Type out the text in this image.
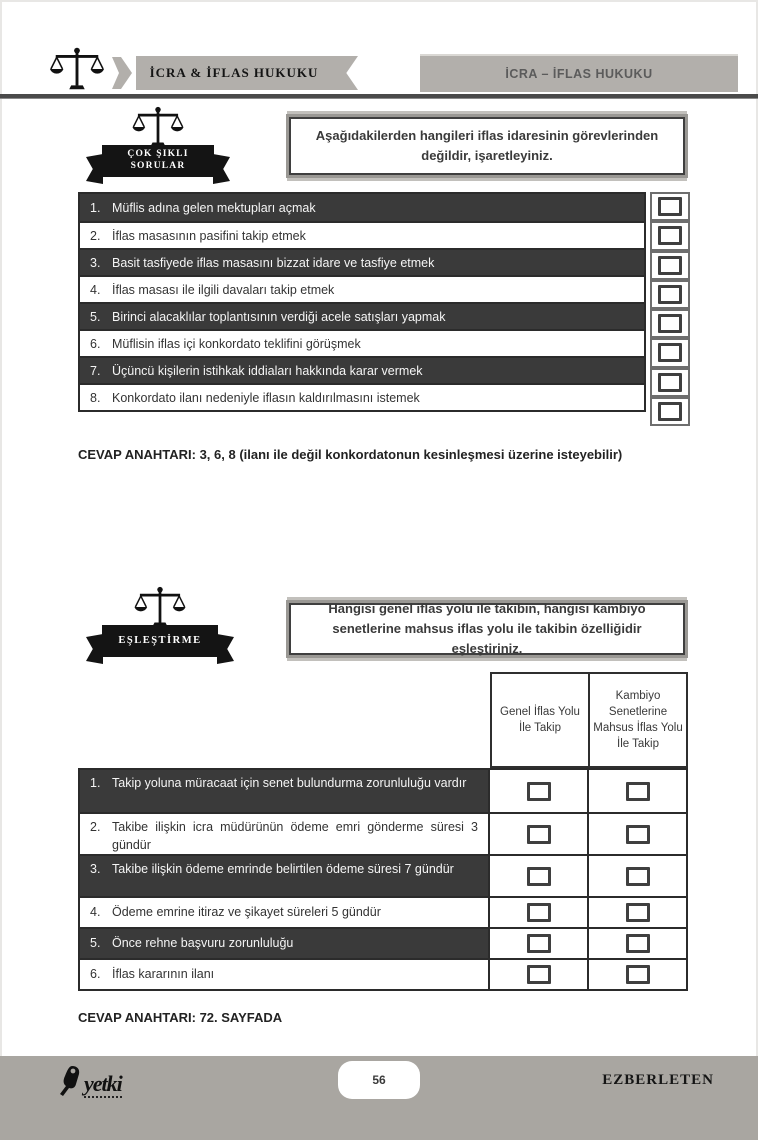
İCRA & İFLAS HUKUKU	İCRA – İFLAS HUKUKU
ÇOK ŞIKLI
SORULAR
Aşağıdakilerden hangileri iflas idaresinin görevlerinden değildir, işaretleyiniz.
1. Müflis adına gelen mektupları açmak
2. İflas masasının pasifini takip etmek
3. Basit tasfiyede iflas masasını bizzat idare ve tasfiye etmek
4. İflas masası ile ilgili davaları takip etmek
5. Birinci alacaklılar toplantısının verdiği acele satışları yapmak
6. Müflisin iflas içi konkordato teklifini görüşmek
7. Üçüncü kişilerin istihkak iddiaları hakkında karar vermek
8. Konkordato ilanı nedeniyle iflasın kaldırılmasını istemek
CEVAP ANAHTARI: 3, 6, 8 (ilanı ile değil konkordatonun kesinleşmesi üzerine isteyebilir)
EŞLEŞTİRME
Hangisi genel iflas yolu ile takibin, hangisi kambiyo senetlerine mahsus iflas yolu ile takibin özelliğidir eşleştiriniz.
Genel İflas Yolu İle Takip
Kambiyo Senetlerine Mahsus İflas Yolu İle Takip
1. Takip yoluna müracaat için senet bulundurma zorunluluğu vardır
2. Takibe ilişkin icra müdürünün ödeme emri gönderme süresi 3 gündür
3. Takibe ilişkin ödeme emrinde belirtilen ödeme süresi 7 gündür
4. Ödeme emrine itiraz ve şikayet süreleri 5 gündür
5. Önce rehne başvuru zorunluluğu
6. İflas kararının ilanı
CEVAP ANAHTARI: 72. SAYFADA
yetki	56	EZBERLETEN
